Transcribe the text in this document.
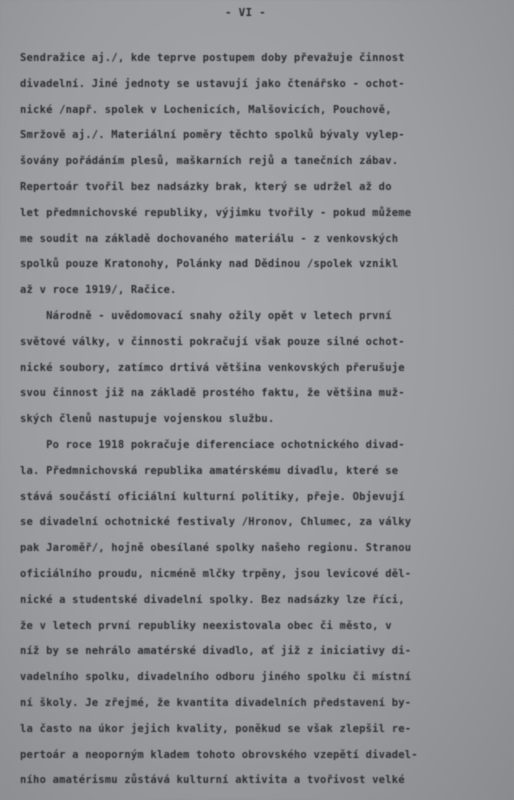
- VI -
Sendražice aj./, kde teprve postupem doby převažuje činnost
divadelní. Jiné jednoty se ustavují jako čtenářsko - ochot-
nické /např. spolek v Lochenicích, Malšovicích, Pouchově,
Smržově aj./. Materiální poměry těchto spolků bývaly vylep-
šovány pořádáním plesů, maškarních rejů a tanečních zábav.
Repertoár tvořil bez nadsázky brak, který se udržel až do
let předmnichovské republiky, výjimku tvořily - pokud můžeme
me soudit na základě dochovaného materiálu - z venkovských
spolků pouze Kratonohy, Polánky nad Dědinou /spolek vznikl
až v roce 1919/, Račice.
Národně - uvědomovací snahy ožily opět v letech první
světové války, v činnosti pokračují však pouze silné ochot-
nické soubory, zatímco drtivá většina venkovských přerušuje
svou činnost již na základě prostého faktu, že většina muž-
ských členů nastupuje vojenskou službu.
Po roce 1918 pokračuje diferenciace ochotnického divad-
la. Předmnichovská republika amatérskému divadlu, které se
stává součástí oficiální kulturní politiky, přeje. Objevují
se divadelní ochotnické festivaly /Hronov, Chlumec, za války
pak Jaroměř/, hojně obesílané spolky našeho regionu. Stranou
oficiálního proudu, nicméně mlčky trpěny, jsou levicové děl-
nické a studentské divadelní spolky. Bez nadsázky lze říci,
že v letech první republiky neexistovala obec či město, v
níž by se nehrálo amatérské divadlo, ať již z iniciativy di-
vadelního spolku, divadelního odboru jiného spolku či místní
ní školy. Je zřejmé, že kvantita divadelních představení by-
la často na úkor jejich kvality, poněkud se však zlepšil re-
pertoár a neoporným kladem tohoto obrovského vzepětí divadel-
ního amatérismu zůstává kulturní aktivita a tvořivost velké
